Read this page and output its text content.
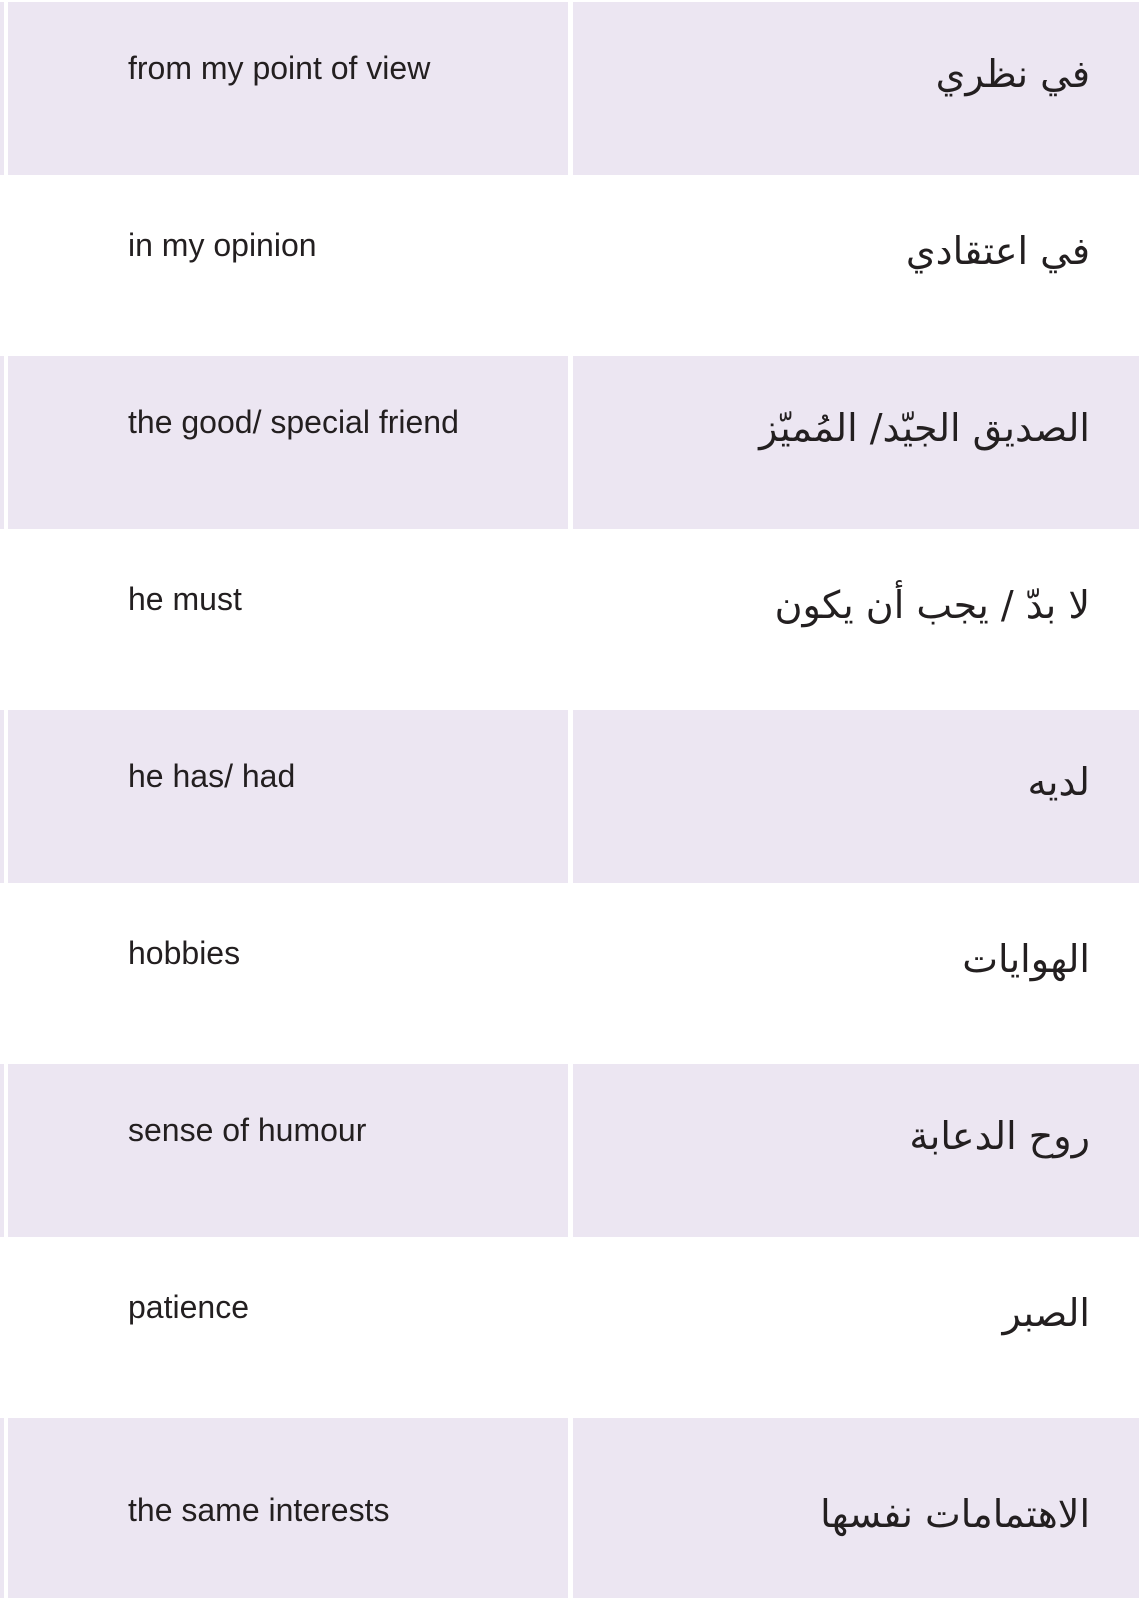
from my point of view	في نظري
in my opinion	في اعتقادي
the good/ special friend	الصديق الجيّد/ المُميّز
he must	لا بدّ / يجب أن يكون
he has/ had	لديه
hobbies	الهوايات
sense of humour	روح الدعابة
patience	الصبر
the same interests	الاهتمامات نفسها
